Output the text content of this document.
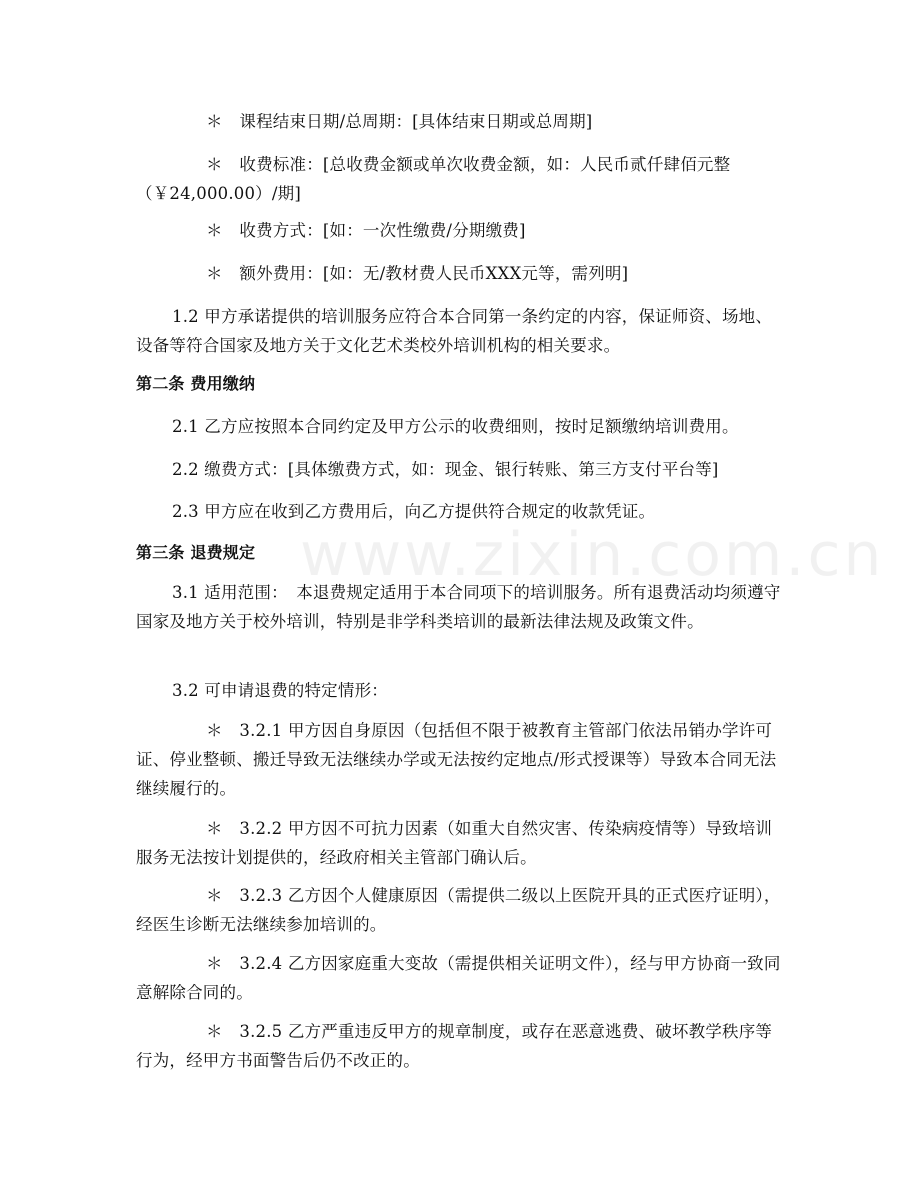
＊　课程结束日期/总周期：[具体结束日期或总周期]

＊　收费标准：[总收费金额或单次收费金额，如：人民币贰仟肆佰元整（￥24,000.00）/期]

＊　收费方式：[如：一次性缴费/分期缴费]

＊　额外费用：[如：无/教材费人民币XXX元等，需列明]

1.2 甲方承诺提供的培训服务应符合本合同第一条约定的内容，保证师资、场地、设备等符合国家及地方关于文化艺术类校外培训机构的相关要求。

第二条 费用缴纳

2.1 乙方应按照本合同约定及甲方公示的收费细则，按时足额缴纳培训费用。

2.2 缴费方式：[具体缴费方式，如：现金、银行转账、第三方支付平台等]

2.3 甲方应在收到乙方费用后，向乙方提供符合规定的收款凭证。

第三条 退费规定

3.1 适用范围：　本退费规定适用于本合同项下的培训服务。所有退费活动均须遵守国家及地方关于校外培训，特别是非学科类培训的最新法律法规及政策文件。

3.2 可申请退费的特定情形：

＊　3.2.1 甲方因自身原因（包括但不限于被教育主管部门依法吊销办学许可证、停业整顿、搬迁导致无法继续办学或无法按约定地点/形式授课等）导致本合同无法继续履行的。

＊　3.2.2 甲方因不可抗力因素（如重大自然灾害、传染病疫情等）导致培训服务无法按计划提供的，经政府相关主管部门确认后。

＊　3.2.3 乙方因个人健康原因（需提供二级以上医院开具的正式医疗证明），经医生诊断无法继续参加培训的。

＊　3.2.4 乙方因家庭重大变故（需提供相关证明文件），经与甲方协商一致同意解除合同的。

＊　3.2.5 乙方严重违反甲方的规章制度，或存在恶意逃费、破坏教学秩序等行为，经甲方书面警告后仍不改正的。

www.zixin.com.cn
